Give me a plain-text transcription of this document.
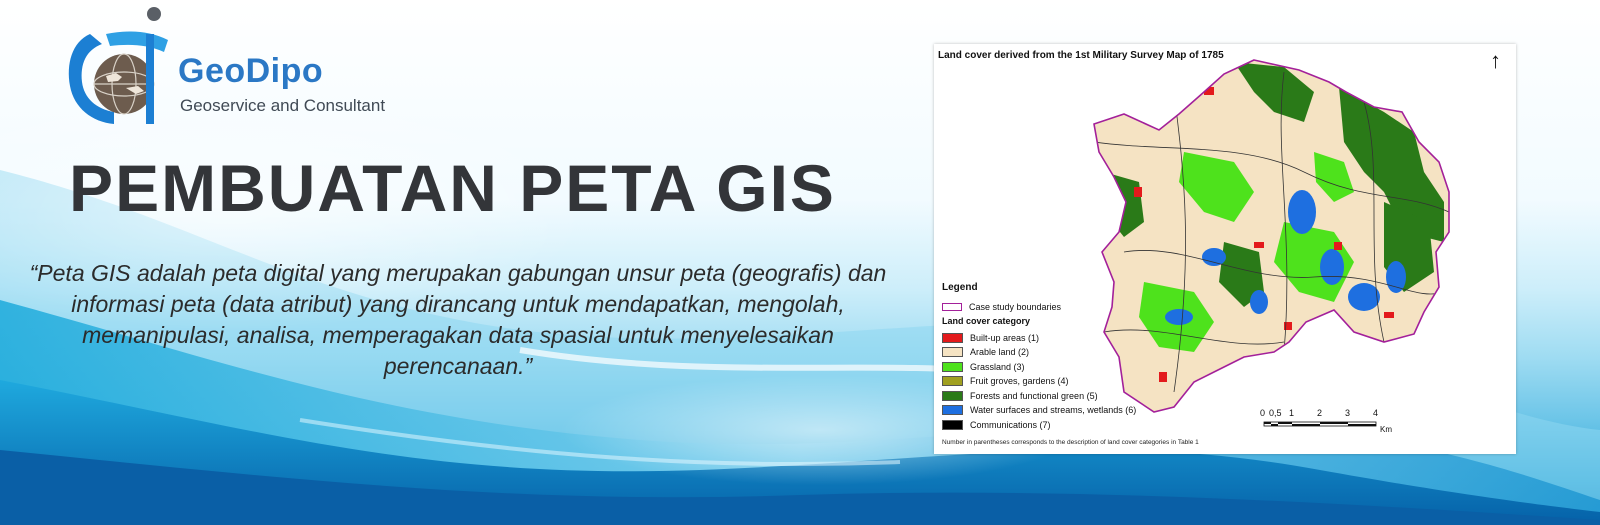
GeoDipo
Geoservice and Consultant
PEMBUATAN PETA GIS
“Peta GIS adalah peta digital yang merupakan gabungan unsur peta (geografis) dan informasi peta (data atribut) yang dirancang untuk mendapatkan, mengolah, memanipulasi, analisa, memperagakan data spasial untuk menyelesaikan perencanaan.”
Land cover derived from the 1st Military Survey Map of 1785	↑
Legend
Case study boundaries
Land cover category
Built-up areas (1)
Arable land (2)
Grassland (3)
Fruit groves, gardens (4)
Forests and functional green (5)
Water surfaces and streams, wetlands (6)
Communications (7)
0 0,5 1	2	3	4
Km
Number in parentheses corresponds to the description of land cover categories in Table 1
